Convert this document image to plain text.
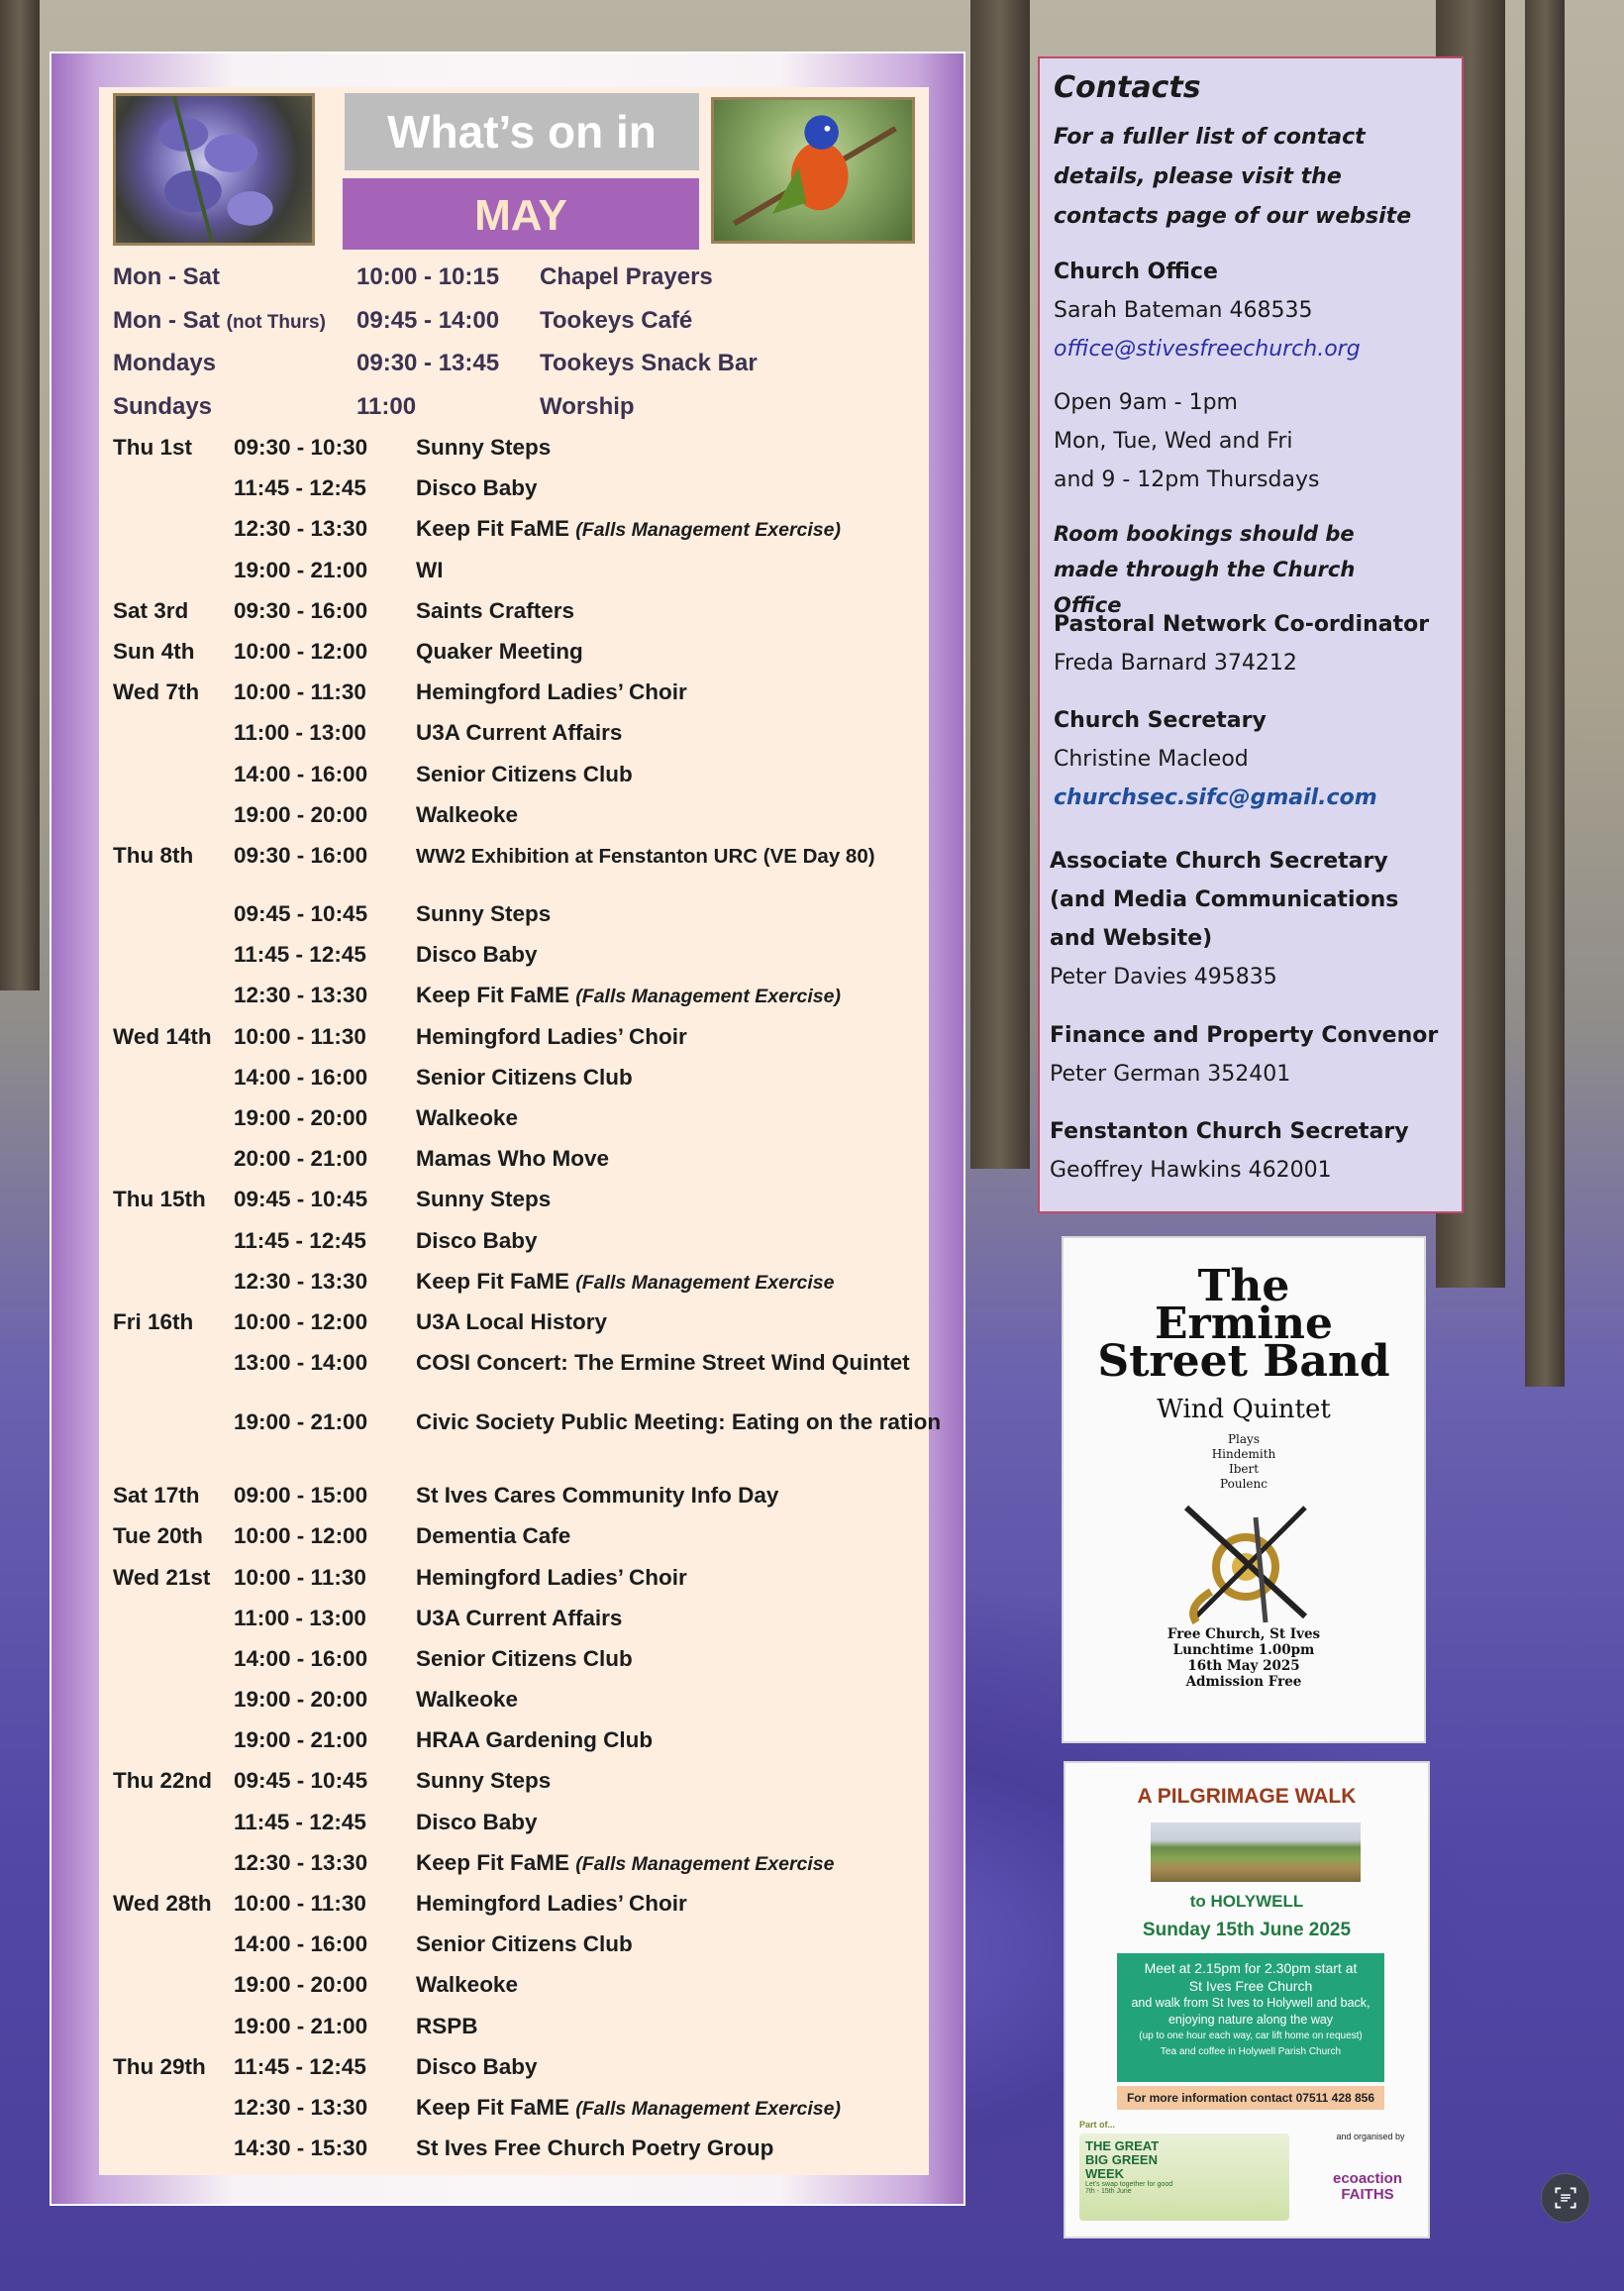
What’s on in
MAY
Mon - Sat	10:00 - 10:15 Chapel Prayers
Mon - Sat (not Thurs) 09:45 - 14:00 Tookeys Café
Mondays	09:30 - 13:45 Tookeys Snack Bar
Sundays	11:00	Worship
Thu 1st 09:30 - 10:30 Sunny Steps
11:45 - 12:45 Disco Baby
12:30 - 13:30 Keep Fit FaME (Falls Management Exercise)
19:00 - 21:00 WI
Sat 3rd 09:30 - 16:00 Saints Crafters
Sun 4th 10:00 - 12:00 Quaker Meeting
Wed 7th 10:00 - 11:30 Hemingford Ladies’ Choir
11:00 - 13:00 U3A Current Affairs
14:00 - 16:00 Senior Citizens Club
19:00 - 20:00 Walkeoke
Thu 8th 09:30 - 16:00 WW2 Exhibition at Fenstanton URC (VE Day 80)
09:45 - 10:45 Sunny Steps
11:45 - 12:45 Disco Baby
12:30 - 13:30 Keep Fit FaME (Falls Management Exercise)
Wed 14th 10:00 - 11:30 Hemingford Ladies’ Choir
14:00 - 16:00 Senior Citizens Club
19:00 - 20:00 Walkeoke
20:00 - 21:00 Mamas Who Move
Thu 15th 09:45 - 10:45 Sunny Steps
11:45 - 12:45 Disco Baby
12:30 - 13:30 Keep Fit FaME (Falls Management Exercise
Fri 16th 10:00 - 12:00 U3A Local History
13:00 - 14:00 COSI Concert: The Ermine Street Wind Quintet
19:00 - 21:00 Civic Society Public Meeting: Eating on the ration
Sat 17th 09:00 - 15:00 St Ives Cares Community Info Day
Tue 20th 10:00 - 12:00 Dementia Cafe
Wed 21st 10:00 - 11:30 Hemingford Ladies’ Choir
11:00 - 13:00 U3A Current Affairs
14:00 - 16:00 Senior Citizens Club
19:00 - 20:00 Walkeoke
19:00 - 21:00 HRAA Gardening Club
Thu 22nd 09:45 - 10:45 Sunny Steps
11:45 - 12:45 Disco Baby
12:30 - 13:30 Keep Fit FaME (Falls Management Exercise
Wed 28th 10:00 - 11:30 Hemingford Ladies’ Choir
14:00 - 16:00 Senior Citizens Club
19:00 - 20:00 Walkeoke
19:00 - 21:00 RSPB
Thu 29th 11:45 - 12:45 Disco Baby
12:30 - 13:30 Keep Fit FaME (Falls Management Exercise)
14:30 - 15:30 St Ives Free Church Poetry Group
Contacts
For a fuller list of contact details, please visit the contacts page of our website
Church Office
Sarah Bateman 468535
office@stivesfreechurch.org
Open 9am - 1pm
Mon, Tue, Wed and Fri
and 9 - 12pm Thursdays
Room bookings should be made through the Church Office
Pastoral Network Co-ordinator
Freda Barnard 374212
Church Secretary
Christine Macleod
churchsec.sifc@gmail.com
Associate Church Secretary
(and Media Communications
and Website)
Peter Davies 495835
Finance and Property Convenor
Peter German 352401
Fenstanton Church Secretary
Geoffrey Hawkins 462001
The
Ermine
Street Band
Wind Quintet
Plays
Hindemith
Ibert
Poulenc
Free Church, St Ives
Lunchtime 1.00pm
16th May 2025
Admission Free
A PILGRIMAGE WALK
to HOLYWELL
Sunday 15th June 2025
Meet at 2.15pm for 2.30pm start at
St Ives Free Church
and walk from St Ives to Holywell and back,
enjoying nature along the way
(up to one hour each way, car lift home on request)
Tea and coffee in Holywell Parish Church
For more information contact 07511 428 856
Part of...
THE GREAT
BIG GREEN
WEEK
Let's swap together for good
7th - 15th June
and organised by
ecoaction
FAITHS
